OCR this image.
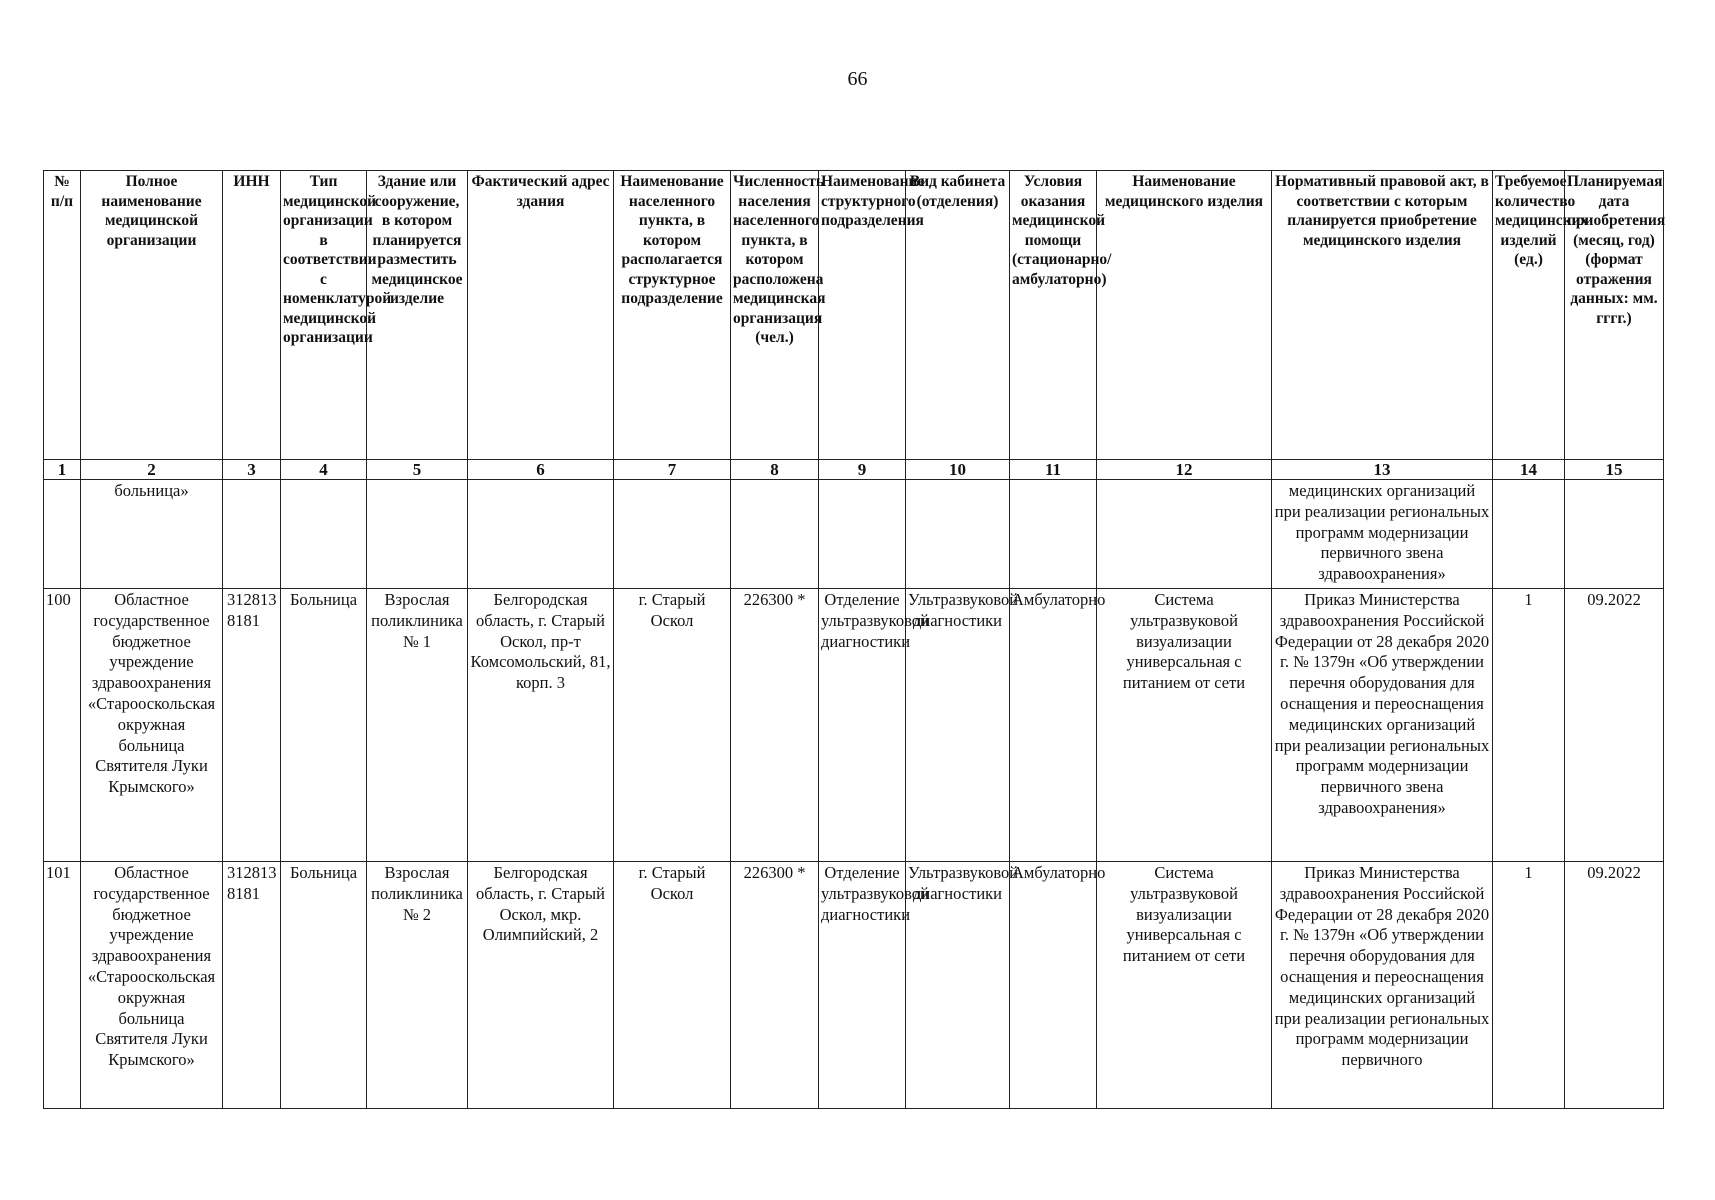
66
№ п/п	Полное наименование медицинской организации	ИНН	Тип медицинской организации в соответствии с номенклатурой медицинской организации	Здание или сооружение, в котором планируется разместить медицинское изделие	Фактический адрес здания	Наименование населенного пункта, в котором располагается структурное подразделение	Численность населения населенного пункта, в котором расположена медицинская организация (чел.)	Наименование структурного подразделения	Вид кабинета (отделения)	Условия оказания медицинской помощи (стационарно/ амбулаторно)	Наименование медицинского изделия	Нормативный правовой акт, в соответствии с которым планируется приобретение медицинского изделия	Требуемое количество медицинских изделий (ед.)	Планируемая дата приобретения (месяц, год) (формат отражения данных: мм. гггг.)
1	2	3	4	5	6	7	8	9	10	11	12	13	14	15
	больница»											медицинских организаций при реализации региональных программ модернизации первичного звена здравоохранения»		
100	Областное государственное бюджетное учреждение здравоохранения «Старооскольская окружная больница Святителя Луки Крымского»	3128138181	Больница	Взрослая поликлиника № 1	Белгородская область, г. Старый Оскол, пр-т Комсомольский, 81, корп. 3	г. Старый Оскол	226300 *	Отделение ультразвуковой диагностики	Ультразвуковой диагностики	Амбулаторно	Система ультразвуковой визуализации универсальная с питанием от сети	Приказ Министерства здравоохранения Российской Федерации от 28 декабря 2020 г. № 1379н «Об утверждении перечня оборудования для оснащения и переоснащения медицинских организаций при реализации региональных программ модернизации первичного звена здравоохранения»	1	09.2022
101	Областное государственное бюджетное учреждение здравоохранения «Старооскольская окружная больница Святителя Луки Крымского»	3128138181	Больница	Взрослая поликлиника № 2	Белгородская область, г. Старый Оскол, мкр. Олимпийский, 2	г. Старый Оскол	226300 *	Отделение ультразвуковой диагностики	Ультразвуковой диагностики	Амбулаторно	Система ультразвуковой визуализации универсальная с питанием от сети	Приказ Министерства здравоохранения Российской Федерации от 28 декабря 2020 г. № 1379н «Об утверждении перечня оборудования для оснащения и переоснащения медицинских организаций при реализации региональных программ модернизации первичного	1	09.2022
